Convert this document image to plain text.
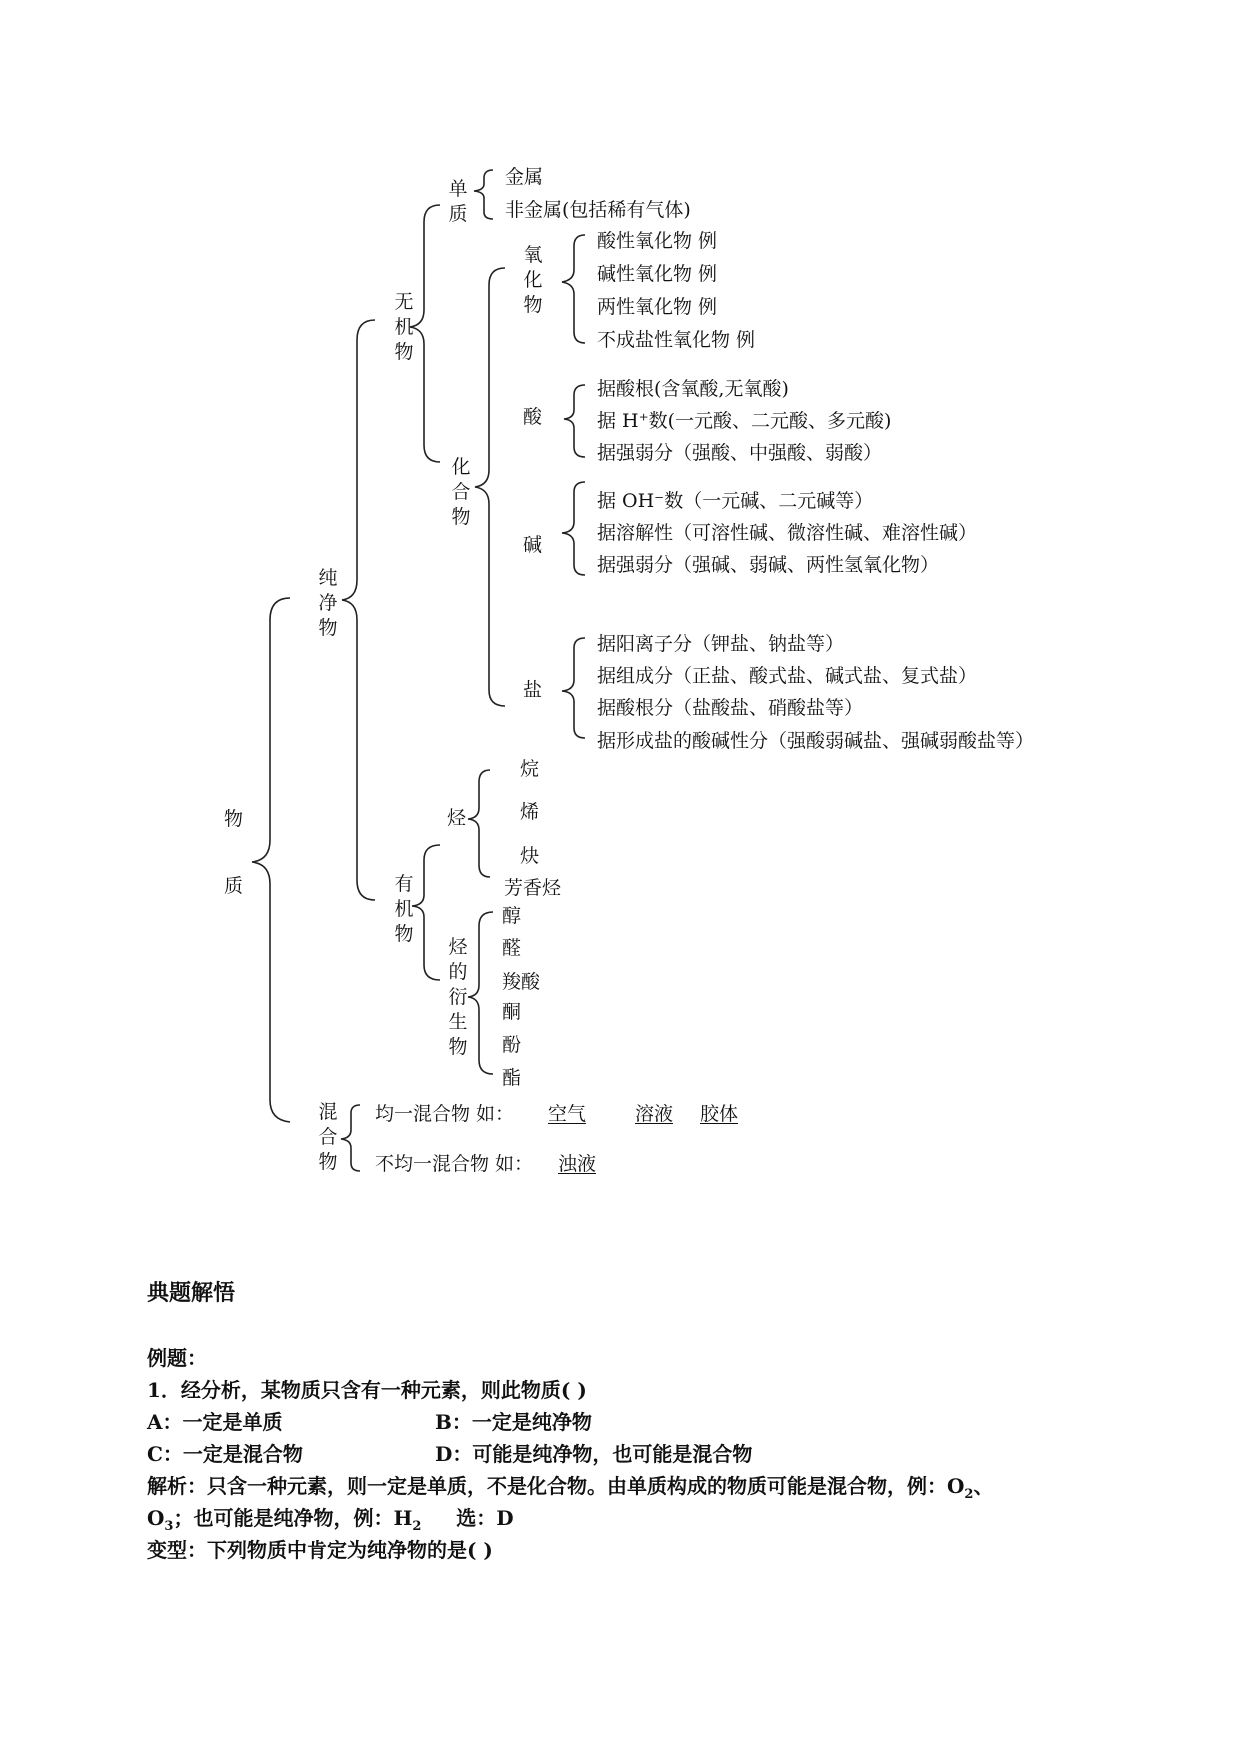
物
质
纯
净
物
无
机
物
单
质
化
合
物
氧
化
物
有
机
物
烃
的
衍
生
物
混
合
物
酸
碱
盐
烃
金属
非金属(包括稀有气体)
酸性氧化物 例
碱性氧化物 例
两性氧化物 例
不成盐性氧化物 例
据酸根(含氧酸,无氧酸)
据 H⁺数(一元酸、二元酸、多元酸)
据强弱分（强酸、中强酸、弱酸）
据 OH⁻数（一元碱、二元碱等）
据溶解性（可溶性碱、微溶性碱、难溶性碱）
据强弱分（强碱、弱碱、两性氢氧化物）
据阳离子分（钾盐、钠盐等）
据组成分（正盐、酸式盐、碱式盐、复式盐）
据酸根分（盐酸盐、硝酸盐等）
据形成盐的酸碱性分（强酸弱碱盐、强碱弱酸盐等）
烷
烯
炔
芳香烃
醇
醛
羧酸
酮
酚
酯
均一混合物 如： 空气	溶液 胶体
不均一混合物 如： 浊液
典题解悟
例题：
1．经分析，某物质只含有一种元素，则此物质( )
A：一定是单质	B：一定是纯净物
C：一定是混合物	D：可能是纯净物，也可能是混合物
解析：只含一种元素，则一定是单质，不是化合物。由单质构成的物质可能是混合物，例：$O_2$、
$O_3$；也可能是纯净物，例：$H_2$     选：D
变型：下列物质中肯定为纯净物的是( )
